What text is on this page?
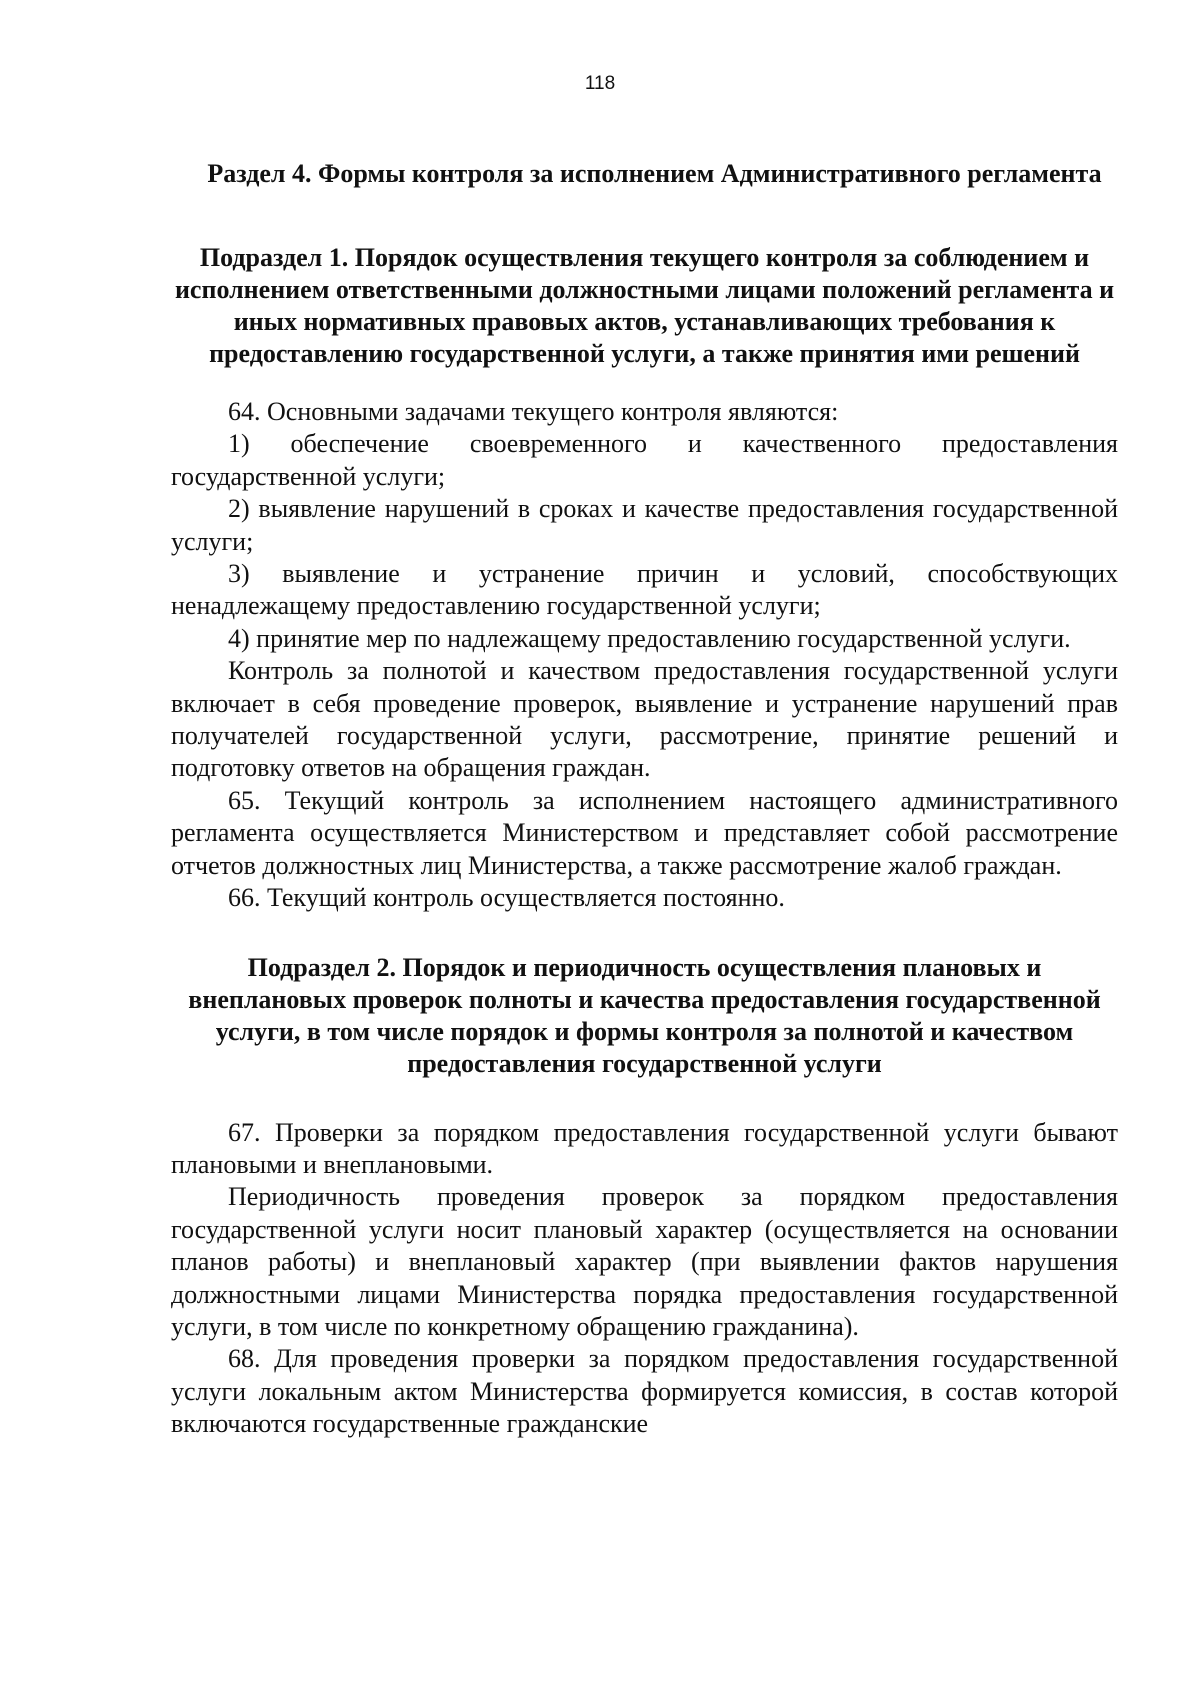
118
Раздел 4. Формы контроля за исполнением Административного регламента
Подраздел 1. Порядок осуществления текущего контроля за соблюдением и исполнением ответственными должностными лицами положений регламента и иных нормативных правовых актов, устанавливающих требования к предоставлению государственной услуги, а также принятия ими решений

64. Основными задачами текущего контроля являются:

1) обеспечение своевременного и качественного предоставления государственной услуги;

2) выявление нарушений в сроках и качестве предоставления государственной услуги;

3) выявление и устранение причин и условий, способствующих ненадлежащему предоставлению государственной услуги;

4) принятие мер по надлежащему предоставлению государственной услуги.

Контроль за полнотой и качеством предоставления государственной услуги включает в себя проведение проверок, выявление и устранение нарушений прав получателей государственной услуги, рассмотрение, принятие решений и подготовку ответов на обращения граждан.

65. Текущий контроль за исполнением настоящего административного регламента осуществляется Министерством и представляет собой рассмотрение отчетов должностных лиц Министерства, а также рассмотрение жалоб граждан.

66. Текущий контроль осуществляется постоянно.

Подраздел 2. Порядок и периодичность осуществления плановых и внеплановых проверок полноты и качества предоставления государственной услуги, в том числе порядок и формы контроля за полнотой и качеством предоставления государственной услуги

67. Проверки за порядком предоставления государственной услуги бывают плановыми и внеплановыми.

Периодичность проведения проверок за порядком предоставления государственной услуги носит плановый характер (осуществляется на основании планов работы) и внеплановый характер (при выявлении фактов нарушения должностными лицами Министерства порядка предоставления государственной услуги, в том числе по конкретному обращению гражданина).

68. Для проведения проверки за порядком предоставления государственной услуги локальным актом Министерства формируется комиссия, в состав которой включаются государственные гражданские
